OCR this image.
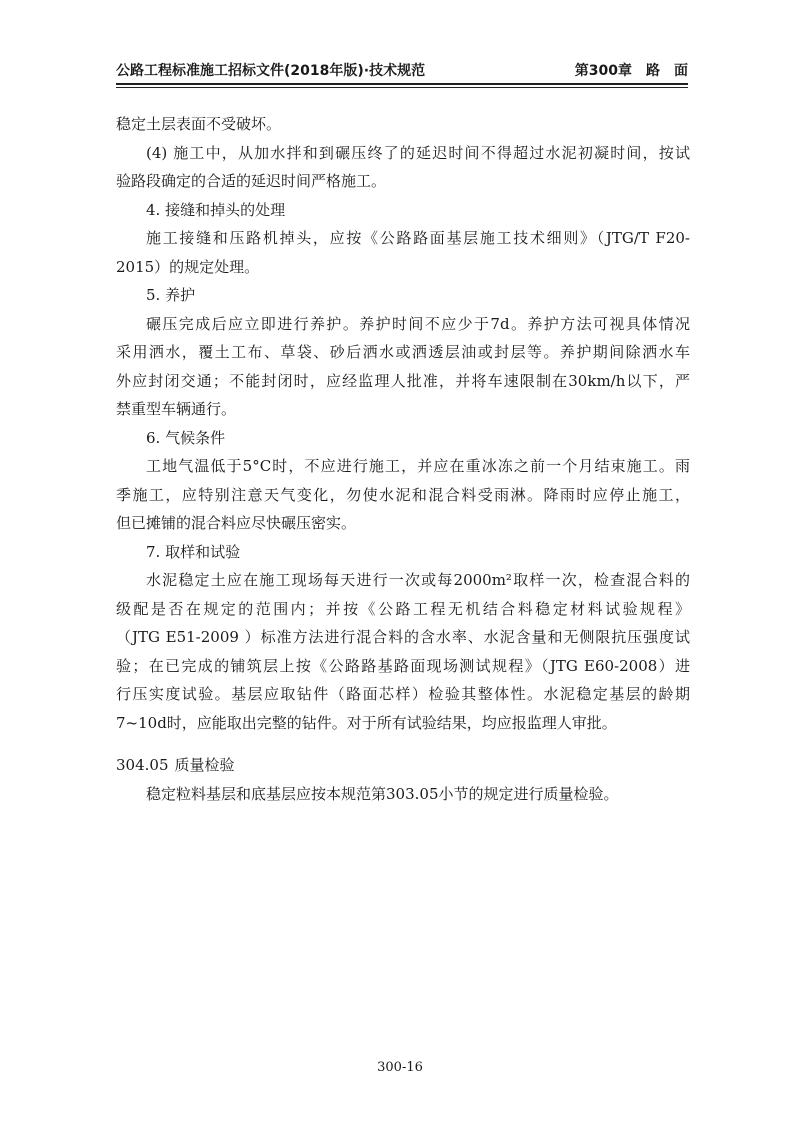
公路工程标准施工招标文件(2018年版)·技术规范	第300章　路　面
稳定土层表面不受破坏。
(4) 施工中，从加水拌和到碾压终了的延迟时间不得超过水泥初凝时间，按试
验路段确定的合适的延迟时间严格施工。
4. 接缝和掉头的处理
施工接缝和压路机掉头，应按《公路路面基层施工技术细则》（JTG/T F20-
2015）的规定处理。
5. 养护
碾压完成后应立即进行养护。养护时间不应少于7d。养护方法可视具体情况
采用洒水，覆土工布、草袋、砂后洒水或洒透层油或封层等。养护期间除洒水车
外应封闭交通；不能封闭时，应经监理人批准，并将车速限制在30km/h以下，严
禁重型车辆通行。
6. 气候条件
工地气温低于5°C时，不应进行施工，并应在重冰冻之前一个月结束施工。雨
季施工，应特别注意天气变化，勿使水泥和混合料受雨淋。降雨时应停止施工，
但已摊铺的混合料应尽快碾压密实。
7. 取样和试验
水泥稳定土应在施工现场每天进行一次或每2000m²取样一次，检查混合料的
级配是否在规定的范围内；并按《公路工程无机结合料稳定材料试验规程》
（JTG E51-2009 ）标准方法进行混合料的含水率、水泥含量和无侧限抗压强度试
验；在已完成的铺筑层上按《公路路基路面现场测试规程》（JTG E60-2008）进
行压实度试验。基层应取钻件（路面芯样）检验其整体性。水泥稳定基层的龄期
7~10d时，应能取出完整的钻件。对于所有试验结果，均应报监理人审批。
304.05 质量检验
稳定粒料基层和底基层应按本规范第303.05小节的规定进行质量检验。
300-16
